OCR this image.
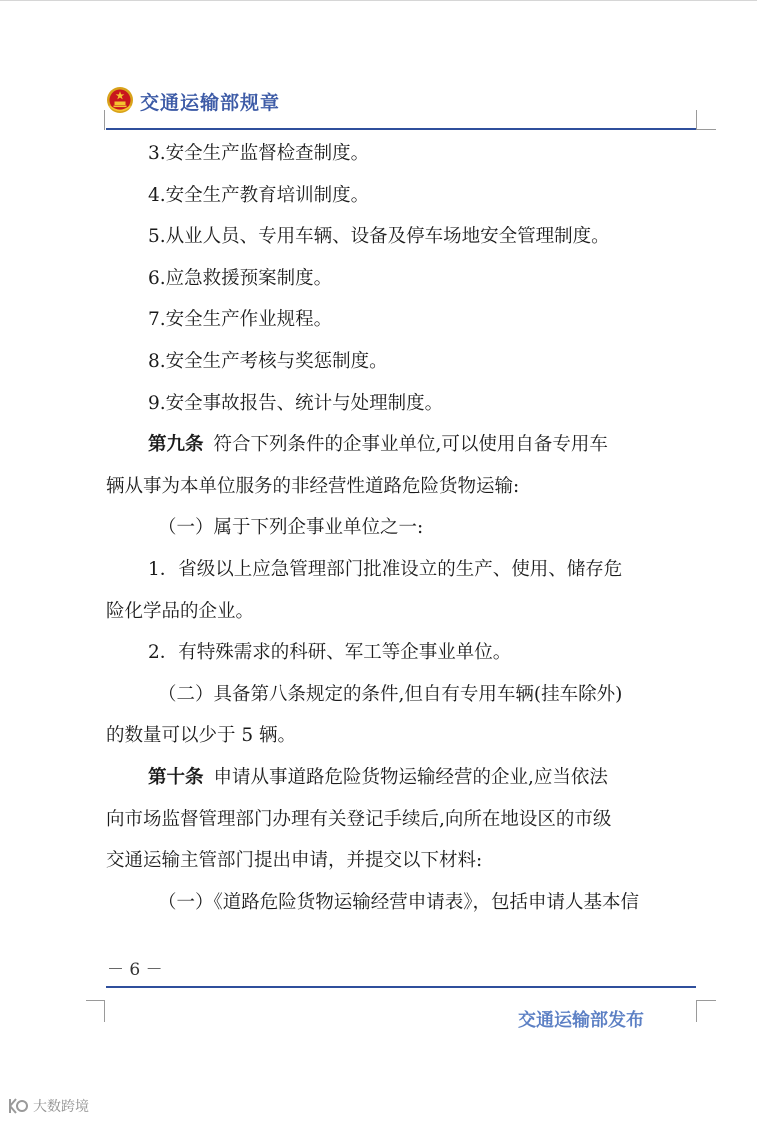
交通运输部规章
3.安全生产监督检查制度。
4.安全生产教育培训制度。
5.从业人员、专用车辆、设备及停车场地安全管理制度。
6.应急救援预案制度。
7.安全生产作业规程。
8.安全生产考核与奖惩制度。
9.安全事故报告、统计与处理制度。
第九条 符合下列条件的企事业单位,可以使用自备专用车
辆从事为本单位服务的非经营性道路危险货物运输:
（一）属于下列企事业单位之一:
1．省级以上应急管理部门批准设立的生产、使用、储存危
险化学品的企业。
2．有特殊需求的科研、军工等企事业单位。
（二）具备第八条规定的条件,但自有专用车辆(挂车除外)
的数量可以少于 5 辆。
第十条 申请从事道路危险货物运输经营的企业,应当依法
向市场监督管理部门办理有关登记手续后,向所在地设区的市级
交通运输主管部门提出申请，并提交以下材料:
（一）《道路危险货物运输经营申请表》，包括申请人基本信
－ 6 －
交通运输部发布
大数跨境
